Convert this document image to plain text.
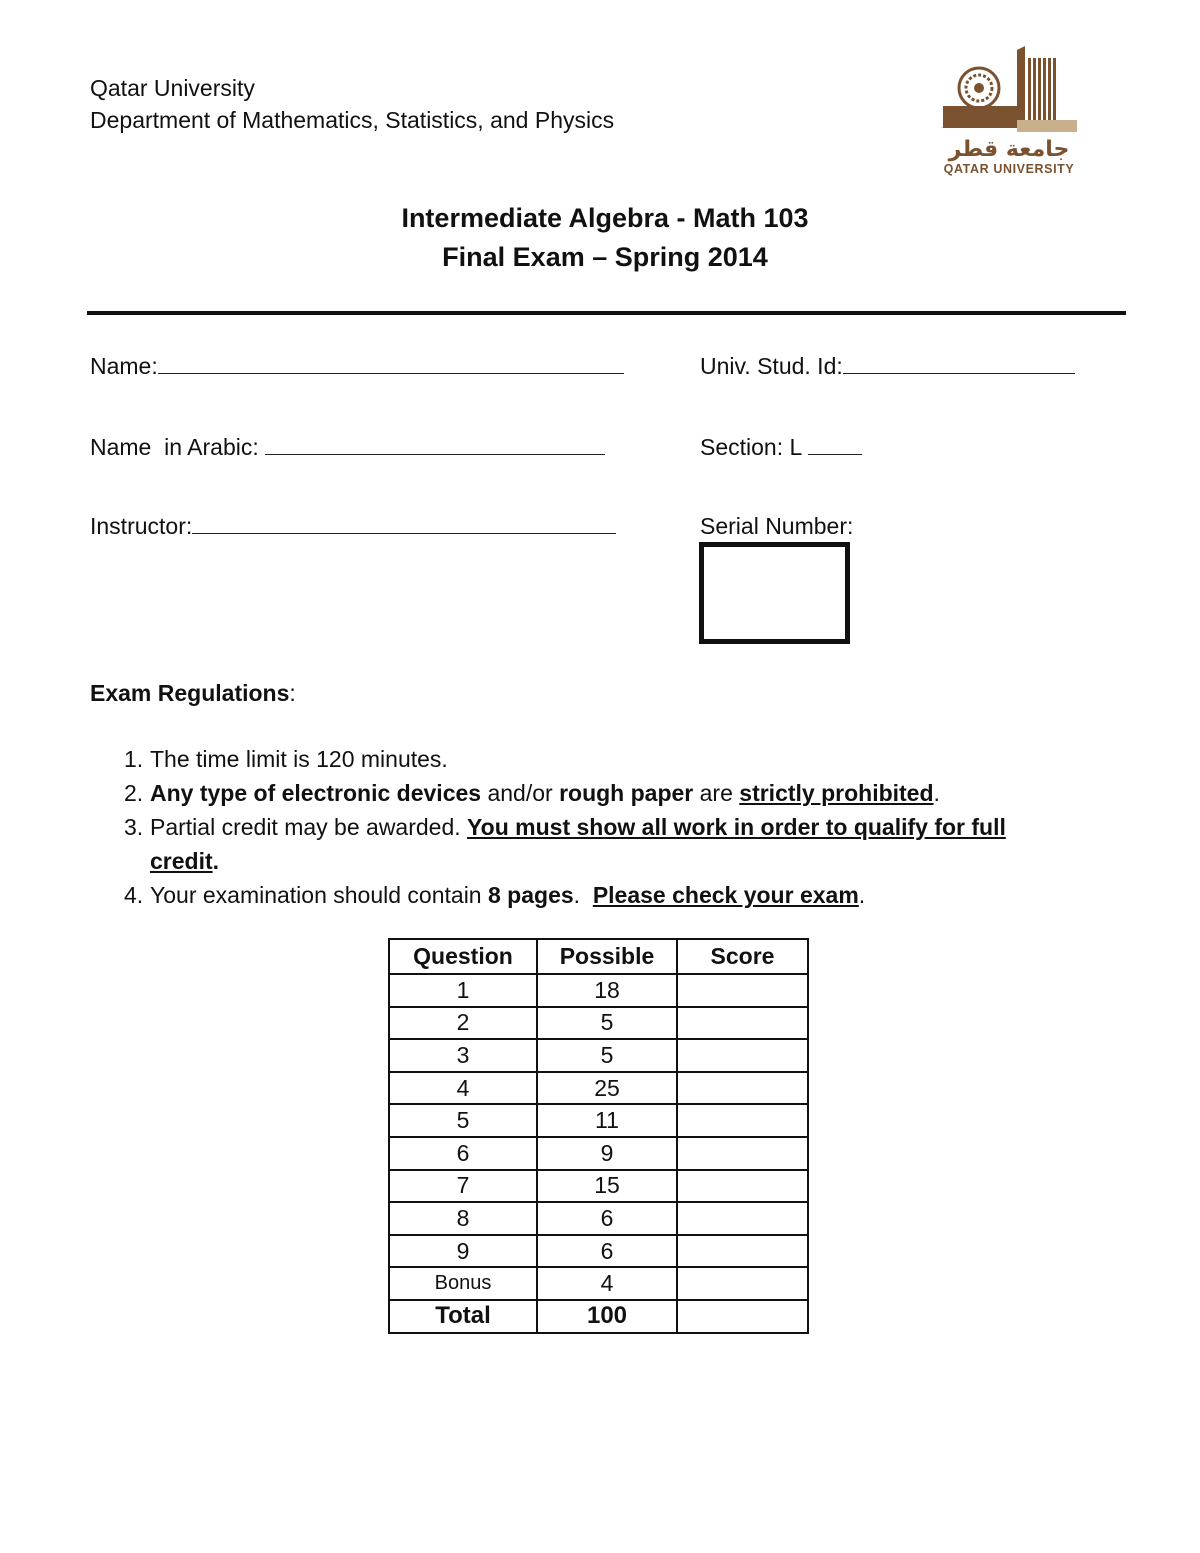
Qatar University
Department of Mathematics, Statistics, and Physics
جامعة قطر
QATAR UNIVERSITY
Intermediate Algebra - Math 103
Final Exam – Spring 2014
Name:	Univ. Stud. Id:
Name  in Arabic:	Section: L
Instructor:	Serial Number:
Exam Regulations:
1. The time limit is 120 minutes.
2. Any type of electronic devices and/or rough paper are strictly prohibited.
3. Partial credit may be awarded. You must show all work in order to qualify for full credit.
4. Your examination should contain 8 pages.  Please check your exam.
Question	Possible	Score
1	18	
2	5	
3	5	
4	25	
5	11	
6	9	
7	15	
8	6	
9	6	
Bonus	4	
Total	100	
